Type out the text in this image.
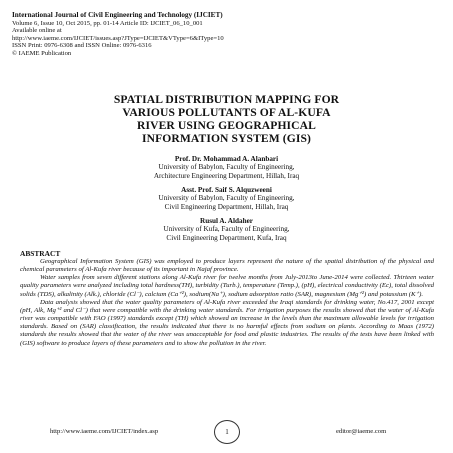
International Journal of Civil Engineering and Technology (IJCIET)
Volume 6, Issue 10, Oct 2015, pp. 01-14 Article ID: IJCIET_06_10_001
Available online at
http://www.iaeme.com/IJCIET/issues.asp?JType=IJCIET&VType=6&IType=10
ISSN Print: 0976-6308 and ISSN Online: 0976-6316
© IAEME Publication
SPATIAL DISTRIBUTION MAPPING FOR
VARIOUS POLLUTANTS OF AL-KUFA
RIVER USING GEOGRAPHICAL
INFORMATION SYSTEM (GIS)
Prof. Dr. Mohammad A. Alanbari
University of Babylon, Faculty of Engineering,
Architecture Engineering Department, Hillah, Iraq
Asst. Prof. Saif S. Alquzweeni
University of Babylon, Faculty of Engineering,
Civil Engineering Department, Hillah, Iraq
Rusul A. Aldaher
University of Kufa, Faculty of Engineering,
Civil Engineering Department, Kufa, Iraq
ABSTRACT

Geographical Information System (GIS) was employed to produce layers represent the nature of the spatial distribution of the physical and chemical parameters of Al-Kufa river because of its important in Najaf province.

Water samples from seven different stations along Al-Kufa river for twelve months from July-2013to June-2014 were collected. Thirteen water quality parameters were analyzed including total hardness(TH), turbidity (Turb.), temperature (Temp.), (pH), electrical conductivity (Ec), total dissolved solids (TDS), alkalinity (Alk.), chloride (Cl⁻), calcium (Ca⁺²), sodium(Na⁺), sodium adsorption ratio (SAR), magnesium (Mg⁺²) and potassium (K⁺).

Data analysis showed that the water quality parameters of Al-Kufa river exceeded the Iraqi standards for drinking water, No.417, 2001 except (pH, Alk, Mg⁺² and Cl⁻) that were compatible with the drinking water standards. For irrigation purposes the results showed that the water of Al-Kufa river was compatible with FAO (1997) standards except (TH) which showed an increase in the levels than the maximum allowable levels for irrigation standards. Based on (SAR) classification, the results indicated that there is no harmful effects from sodium on plants. According to Maas (1972) standards the results showed that the water of the river was unacceptable for food and plastic industries. The results of the tests have been linked with (GIS) software to produce layers of these parameters and to show the pollution in the river.

http://www.iaeme.com/IJCIET/index.asp	1	editor@iaeme.com
